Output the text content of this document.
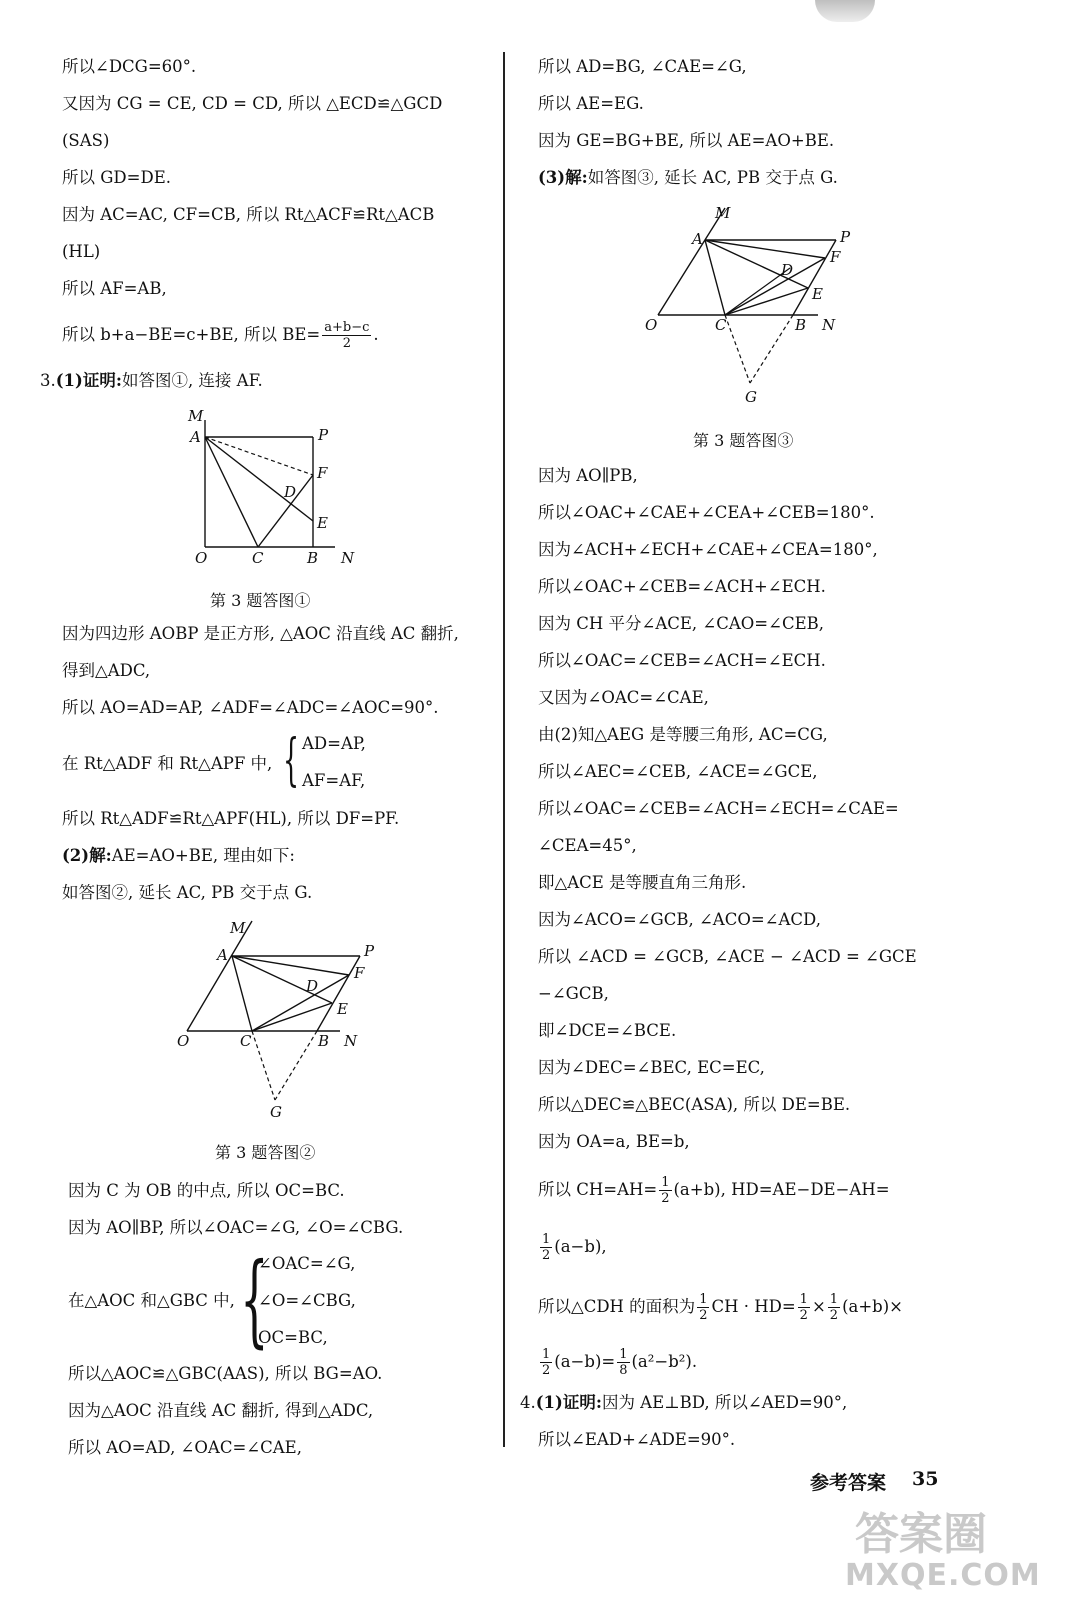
所以∠DCG=60°.
又因为 CG = CE, CD = CD, 所以 △ECD≌△GCD
(SAS)
所以 GD=DE.
因为 AC=AC, CF=CB, 所以 Rt△ACF≌Rt△ACB
(HL)
所以 AF=AB,
所以 b+a−BE=c+BE, 所以 $BE= \frac{a+b-c}{2}$ .
3.(1)证明:如答图①, 连接 AF.
M
A	P
F
D
E
O	C	B N
第 3 题答图①
因为四边形 AOBP 是正方形, △AOC 沿直线 AC 翻折,
得到△ADC,
所以 AO=AD=AP, ∠ADF=∠ADC=∠AOC=90°.
在 Rt△ADF 和 Rt△APF 中, { AD=AP,
AF=AF,
所以 Rt△ADF≌Rt△APF(HL), 所以 DF=PF.
(2)解:AE=AO+BE, 理由如下:
如答图②, 延长 AC, PB 交于点 G.
M
A	P
F
D
E
O	C	B N
G
第 3 题答图②
因为 C 为 OB 的中点, 所以 OC=BC.
因为 AO∥BP, 所以∠OAC=∠G, ∠O=∠CBG.
在△AOC 和△GBC 中, {
∠OAC=∠G,
∠O=∠CBG,
OC=BC,
所以△AOC≌△GBC(AAS), 所以 BG=AO.
因为△AOC 沿直线 AC 翻折, 得到△ADC,
所以 AO=AD, ∠OAC=∠CAE,
所以 AD=BG, ∠CAE=∠G,
所以 AE=EG.
因为 GE=BG+BE, 所以 AE=AO+BE.
(3)解:如答图③, 延长 AC, PB 交于点 G.
M
A	P
F
D
E
O	C	B N
G
第 3 题答图③
因为 AO∥PB,
所以∠OAC+∠CAE+∠CEA+∠CEB=180°.
因为∠ACH+∠ECH+∠CAE+∠CEA=180°,
所以∠OAC+∠CEB=∠ACH+∠ECH.
因为 CH 平分∠ACE, ∠CAO=∠CEB,
所以∠OAC=∠CEB=∠ACH=∠ECH.
又因为∠OAC=∠CAE,
由(2)知△AEG 是等腰三角形, AC=CG,
所以∠AEC=∠CEB, ∠ACE=∠GCE,
所以∠OAC=∠CEB=∠ACH=∠ECH=∠CAE=
∠CEA=45°,
即△ACE 是等腰直角三角形.
因为∠ACO=∠GCB, ∠ACO=∠ACD,
所以 ∠ACD = ∠GCB, ∠ACE − ∠ACD = ∠GCE
−∠GCB,
即∠DCE=∠BCE.
因为∠DEC=∠BEC, EC=EC,
所以△DEC≌△BEC(ASA), 所以 DE=BE.
因为 OA=a, BE=b,
所以 $CH=AH= \frac{1}{2} (a+b)$, HD=AE−DE−AH=
$\frac{1}{2} (a-b)$,
所以△CDH 的面积为 $\frac{1}{2}$ CH · $HD= \frac{1}{2} \times \frac{1}{2} (a+b)\times$
$\frac{1}{2} (a-b)= \frac{1}{8} (a^2-b^2)$.
4.(1)证明:因为 AE⊥BD, 所以∠AED=90°,
所以∠EAD+∠ADE=90°.
参考答案 35
答案圈
MXQE.COM
